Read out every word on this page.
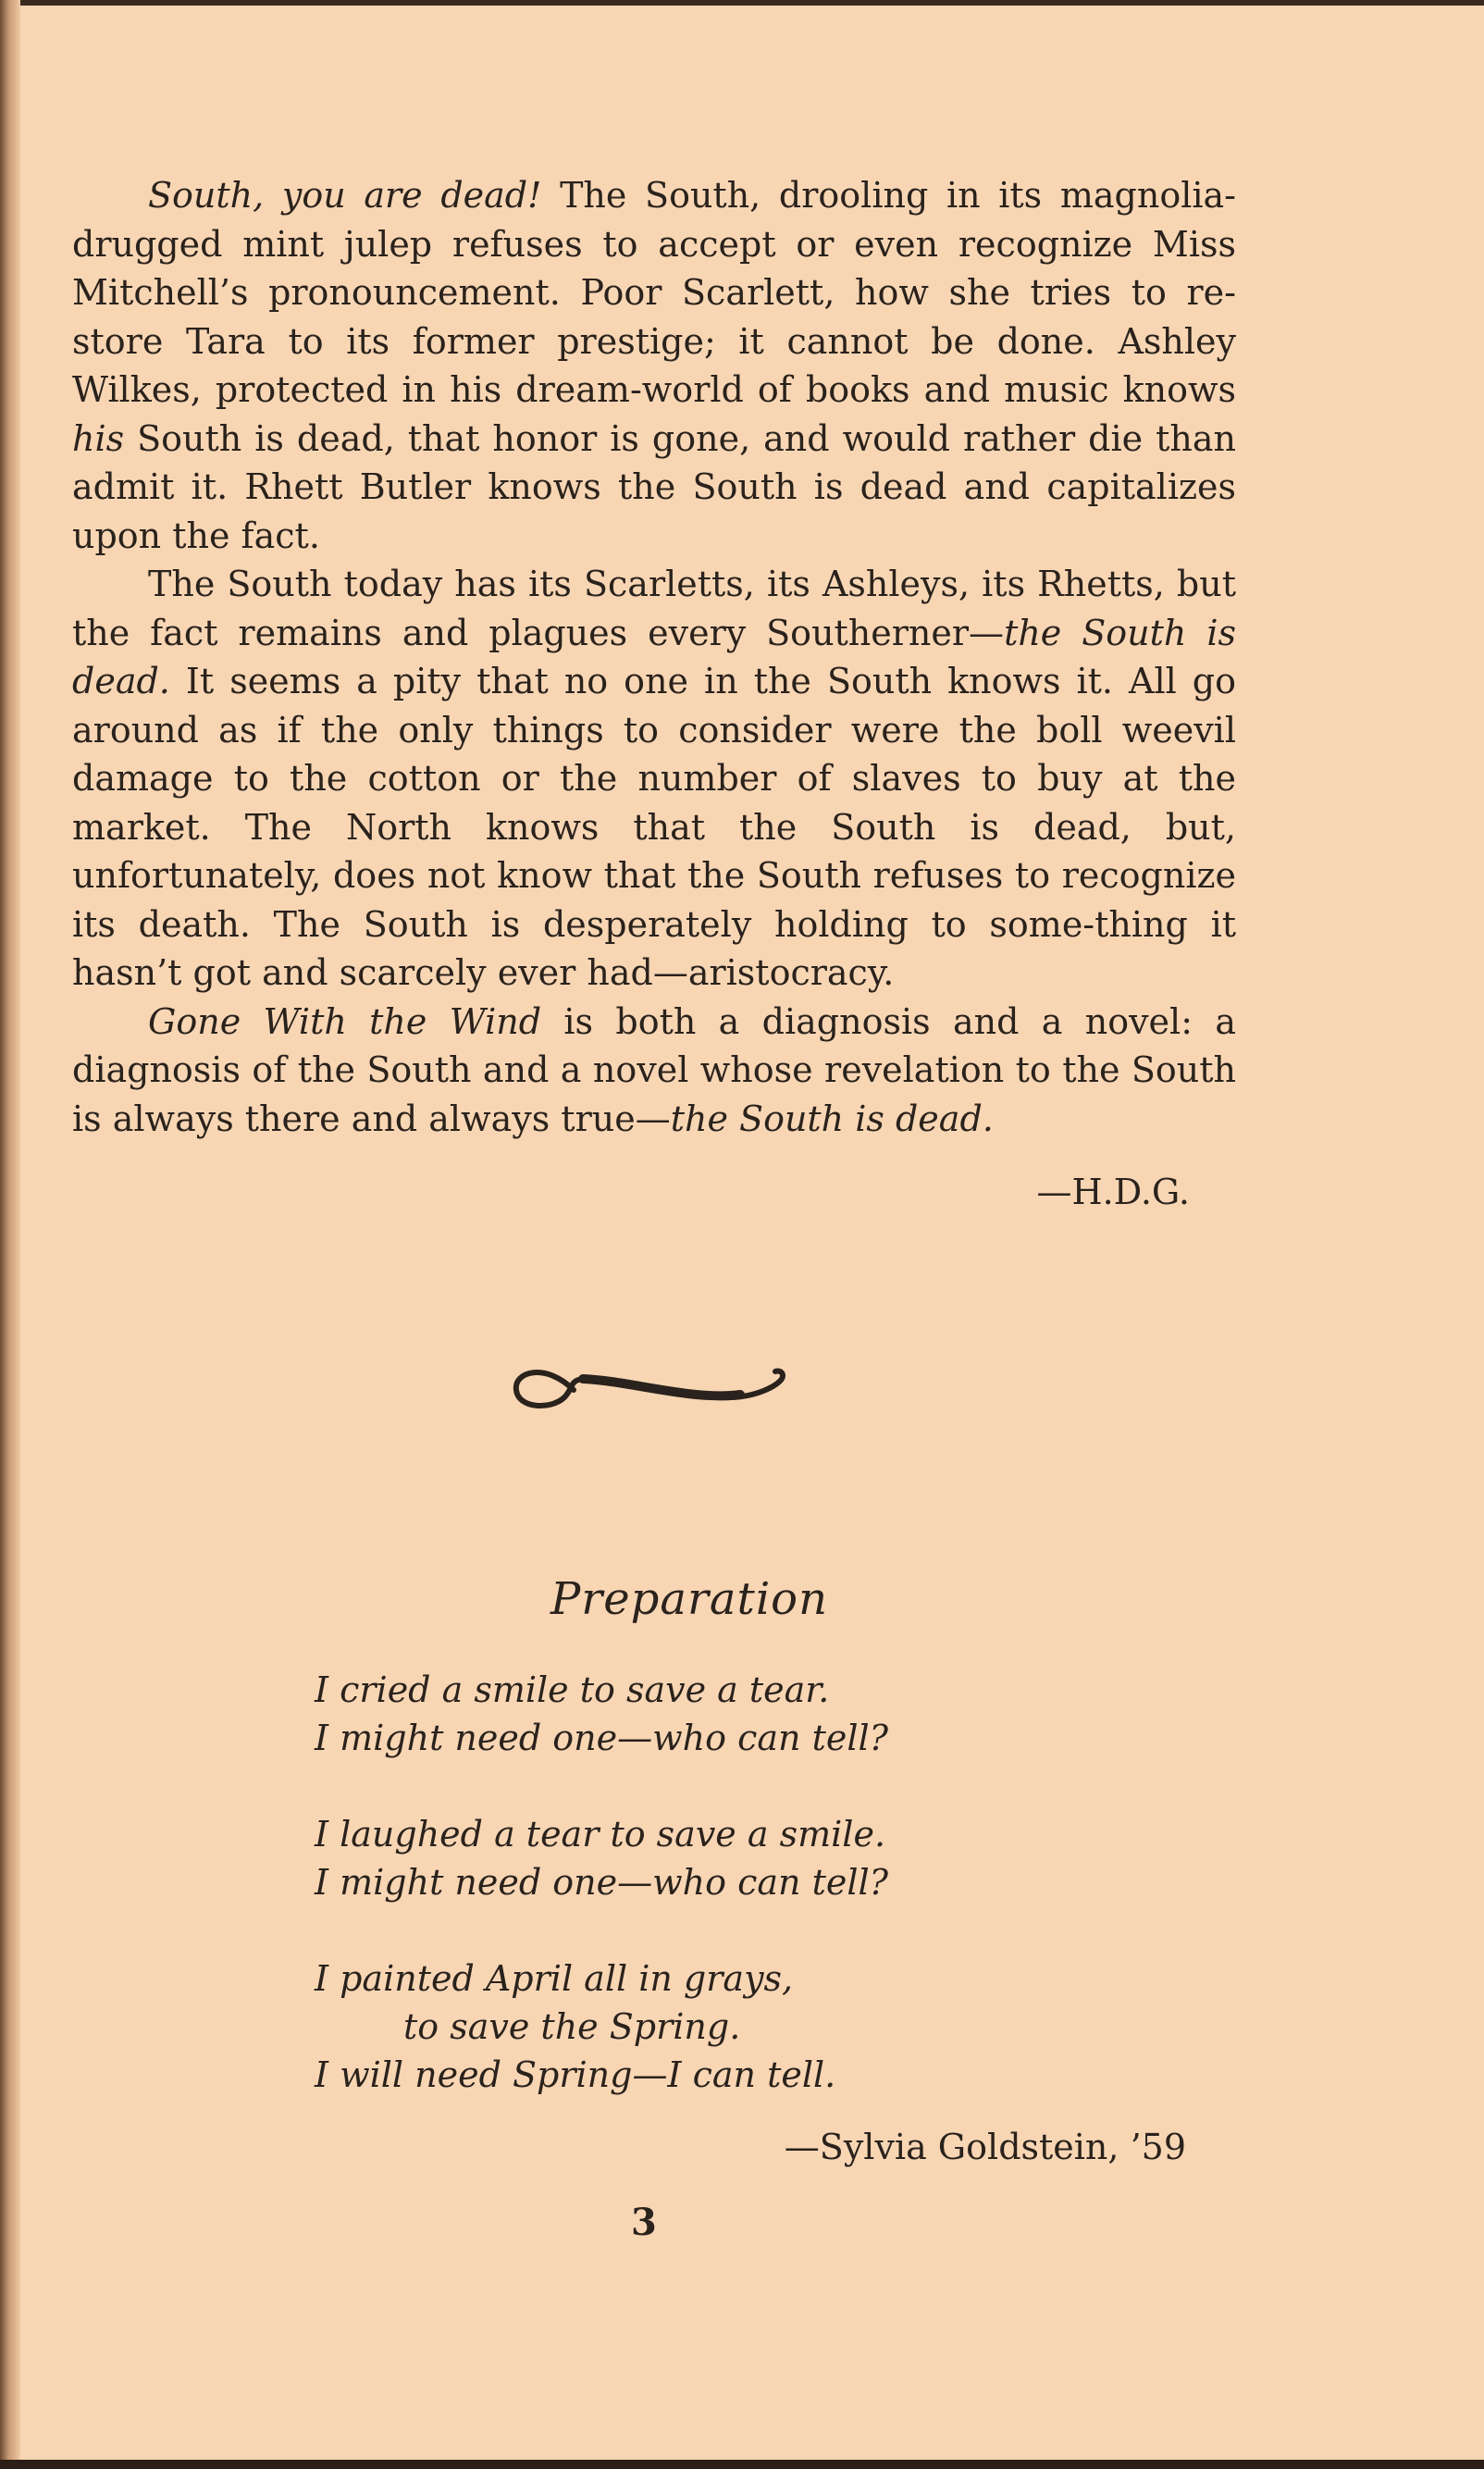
South, you are dead! The South, drooling in its magnolia-drugged mint julep refuses to accept or even recognize Miss Mitchell’s pronouncement. Poor Scarlett, how she tries to re-store Tara to its former prestige; it cannot be done. Ashley Wilkes, protected in his dream-world of books and music knows his South is dead, that honor is gone, and would rather die than admit it. Rhett Butler knows the South is dead and capitalizes upon the fact.

The South today has its Scarletts, its Ashleys, its Rhetts, but the fact remains and plagues every Southerner—the South is dead. It seems a pity that no one in the South knows it. All go around as if the only things to consider were the boll weevil damage to the cotton or the number of slaves to buy at the market. The North knows that the South is dead, but, unfortunately, does not know that the South refuses to recognize its death. The South is desperately holding to some-thing it hasn’t got and scarcely ever had—aristocracy.

Gone With the Wind is both a diagnosis and a novel: a diagnosis of the South and a novel whose revelation to the South is always there and always true—the South is dead.

—H.D.G.
Preparation
I cried a smile to save a tear.
I might need one—who can tell?
I laughed a tear to save a smile.
I might need one—who can tell?
I painted April all in grays,
to save the Spring.
I will need Spring—I can tell.
—Sylvia Goldstein, ’59
3
